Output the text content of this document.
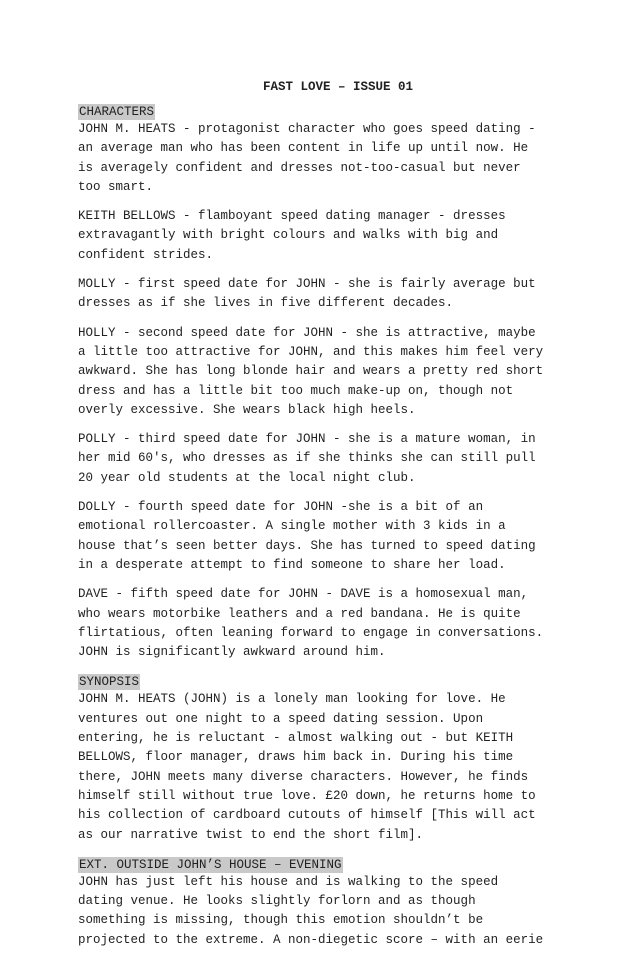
FAST LOVE – ISSUE 01
CHARACTERS

JOHN M. HEATS - protagonist character who goes speed dating -
an average man who has been content in life up until now. He
is averagely confident and dresses not-too-casual but never
too smart.

KEITH BELLOWS - flamboyant speed dating manager - dresses
extravagantly with bright colours and walks with big and
confident strides.

MOLLY - first speed date for JOHN - she is fairly average but
dresses as if she lives in five different decades.

HOLLY - second speed date for JOHN - she is attractive, maybe
a little too attractive for JOHN, and this makes him feel very
awkward. She has long blonde hair and wears a pretty red short
dress and has a little bit too much make-up on, though not
overly excessive. She wears black high heels.

POLLY - third speed date for JOHN - she is a mature woman, in
her mid 60's, who dresses as if she thinks she can still pull
20 year old students at the local night club.

DOLLY - fourth speed date for JOHN -she is a bit of an
emotional rollercoaster. A single mother with 3 kids in a
house that’s seen better days. She has turned to speed dating
in a desperate attempt to find someone to share her load.

DAVE - fifth speed date for JOHN - DAVE is a homosexual man,
who wears motorbike leathers and a red bandana. He is quite
flirtatious, often leaning forward to engage in conversations.
JOHN is significantly awkward around him.

SYNOPSIS

JOHN M. HEATS (JOHN) is a lonely man looking for love. He
ventures out one night to a speed dating session. Upon
entering, he is reluctant - almost walking out - but KEITH
BELLOWS, floor manager, draws him back in. During his time
there, JOHN meets many diverse characters. However, he finds
himself still without true love. £20 down, he returns home to
his collection of cardboard cutouts of himself [This will act
as our narrative twist to end the short film].

EXT. OUTSIDE JOHN’S HOUSE – EVENING

JOHN has just left his house and is walking to the speed
dating venue. He looks slightly forlorn and as though
something is missing, though this emotion shouldn’t be
projected to the extreme. A non-diegetic score – with an eerie
